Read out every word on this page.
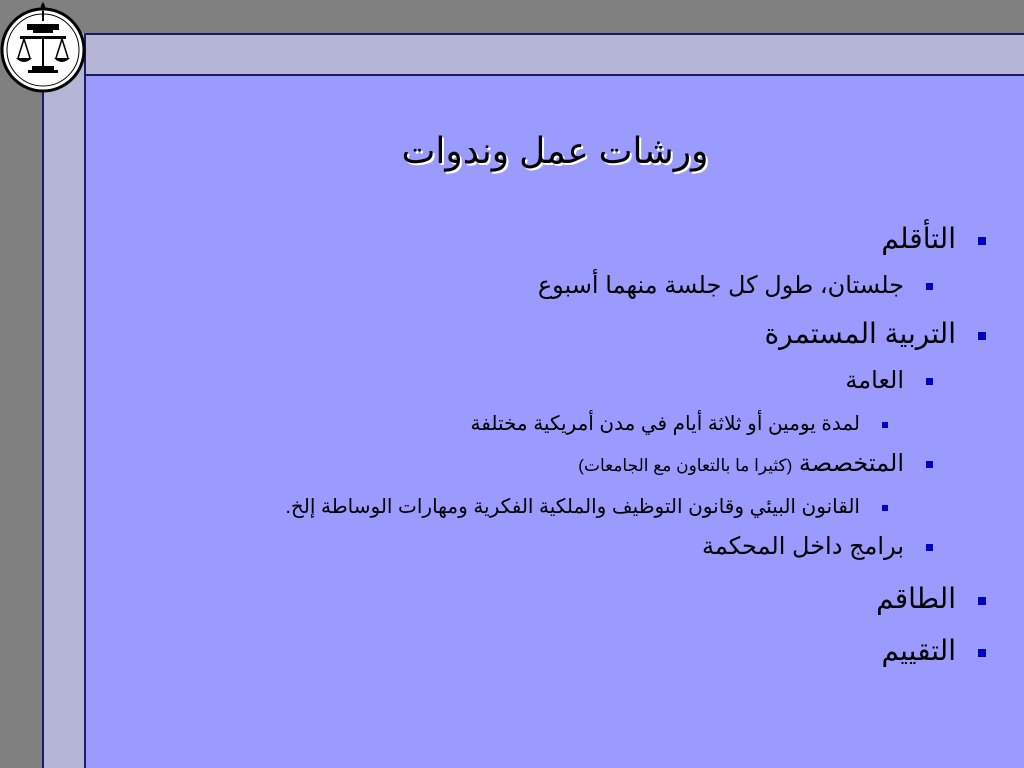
ورشات عمل وندوات
التأقلم
جلستان، طول كل جلسة منهما أسبوع
التربية المستمرة
العامة
لمدة يومين أو ثلاثة أيام في مدن أمريكية مختلفة
المتخصصة (كثيرا ما بالتعاون مع الجامعات)
القانون البيئي وقانون التوظيف والملكية الفكرية ومهارات الوساطة إلخ.
برامج داخل المحكمة
الطاقم
التقييم
